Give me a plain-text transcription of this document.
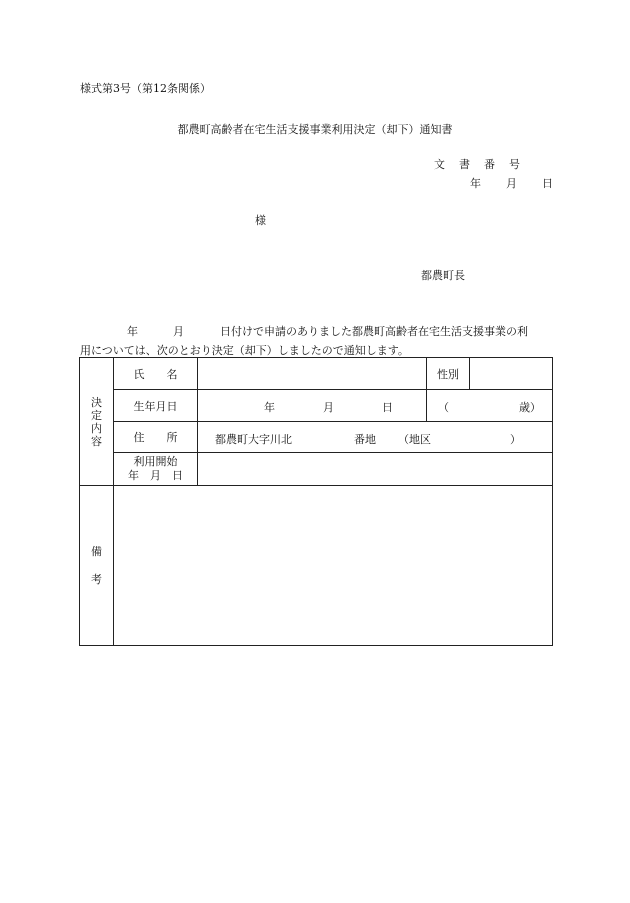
様式第3号（第12条関係）
都農町高齢者在宅生活支援事業利用決定（却下）通知書
文書番号
年 月 日
様
都農町長
年	月	日付けで申請のありました都農町高齢者在宅生活支援事業の利
用については、次のとおり決定（却下）しましたので通知します。
決定内容	氏　　名		性別	
	生年月日	年 月 日	（ 歳）	

	住　　所	都農町大字川北 番地 （地区 ）		

	利用開始
年　月　日			

備考				
